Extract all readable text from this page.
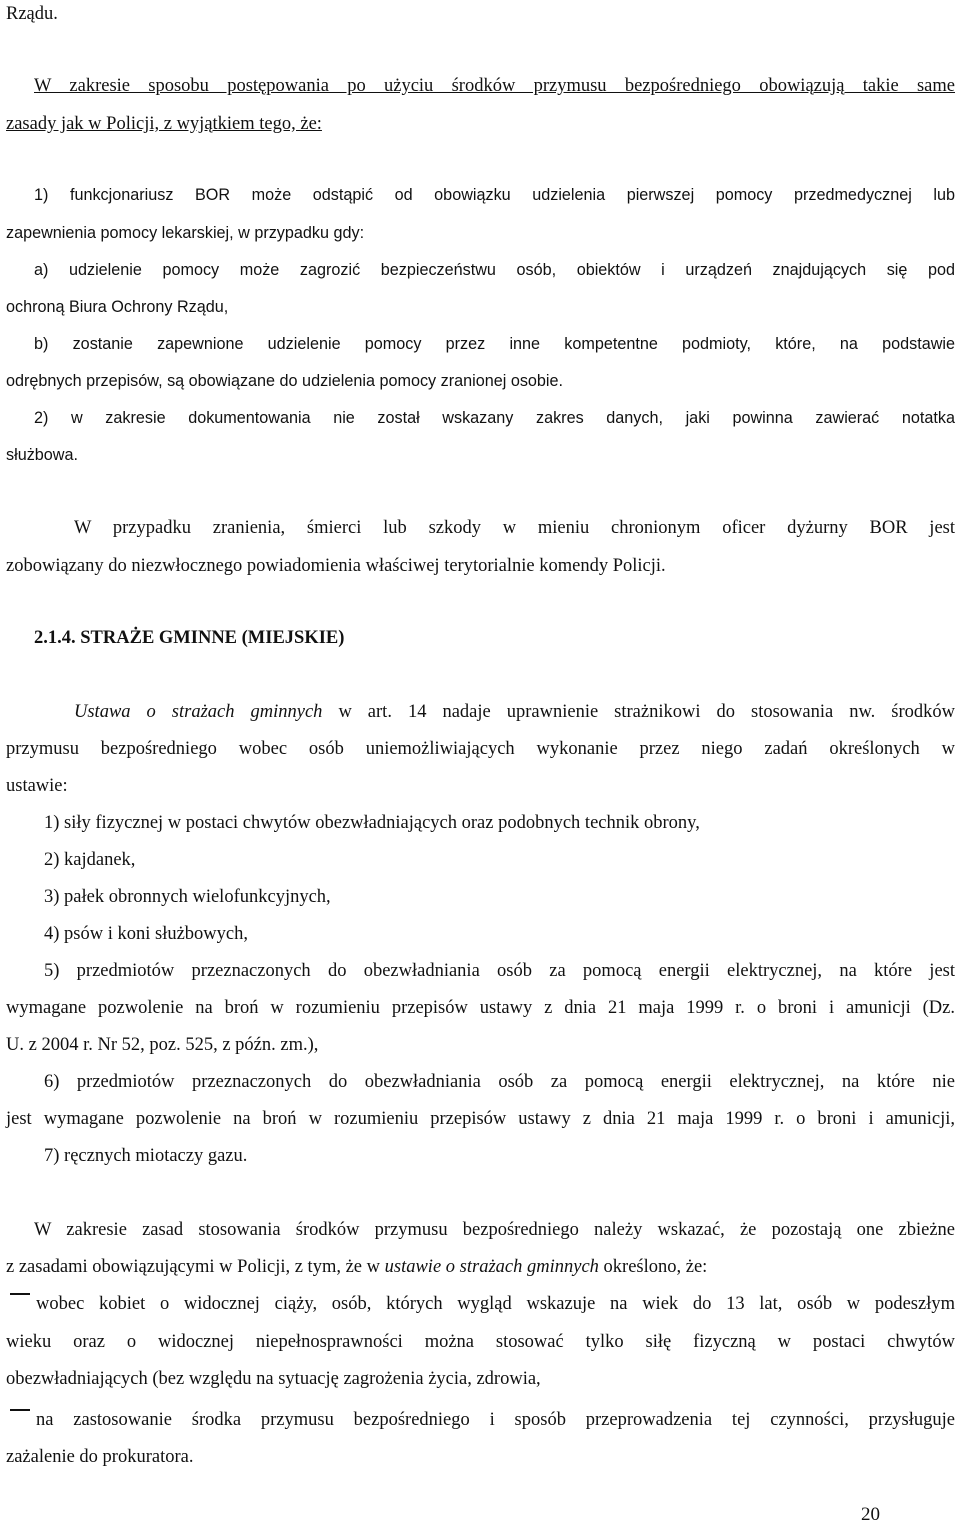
Rządu.
W zakresie sposobu postępowania po użyciu środków przymusu bezpośredniego obowiązują takie same
zasady jak w Policji, z wyjątkiem tego, że:
1) funkcjonariusz BOR może odstąpić od obowiązku udzielenia pierwszej pomocy przedmedycznej lub
zapewnienia pomocy lekarskiej, w przypadku gdy:
a) udzielenie pomocy może zagrozić bezpieczeństwu osób, obiektów i urządzeń znajdujących się pod
ochroną Biura Ochrony Rządu,
b) zostanie zapewnione udzielenie pomocy przez inne kompetentne podmioty, które, na podstawie
odrębnych przepisów, są obowiązane do udzielenia pomocy zranionej osobie.
2) w zakresie dokumentowania nie został wskazany zakres danych, jaki powinna zawierać notatka
służbowa.
W przypadku zranienia, śmierci lub szkody w mieniu chronionym oficer dyżurny BOR jest
zobowiązany do niezwłocznego powiadomienia właściwej terytorialnie komendy Policji.
2.1.4. STRAŻE GMINNE (MIEJSKIE)
Ustawa o strażach gminnych w art. 14 nadaje uprawnienie strażnikowi do stosowania nw. środków
przymusu bezpośredniego wobec osób uniemożliwiających wykonanie przez niego zadań określonych w
ustawie:
1) siły fizycznej w postaci chwytów obezwładniających oraz podobnych technik obrony,
2) kajdanek,
3) pałek obronnych wielofunkcyjnych,
4) psów i koni służbowych,
5) przedmiotów przeznaczonych do obezwładniania osób za pomocą energii elektrycznej, na które jest
wymagane pozwolenie na broń w rozumieniu przepisów ustawy z dnia 21 maja 1999 r. o broni i amunicji (Dz.
U. z 2004 r. Nr 52, poz. 525, z późn. zm.),
6) przedmiotów przeznaczonych do obezwładniania osób za pomocą energii elektrycznej, na które nie
jest wymagane pozwolenie na broń w rozumieniu przepisów ustawy z dnia 21 maja 1999 r. o broni i amunicji,
7) ręcznych miotaczy gazu.
W zakresie zasad stosowania środków przymusu bezpośredniego należy wskazać, że pozostają one zbieżne
z zasadami obowiązującymi w Policji, z tym, że w ustawie o strażach gminnych określono, że:
wobec kobiet o widocznej ciąży, osób, których wygląd wskazuje na wiek do 13 lat, osób w podeszłym
wieku oraz o widocznej niepełnosprawności można stosować tylko siłę fizyczną w postaci chwytów
obezwładniających (bez względu na sytuację zagrożenia życia, zdrowia,
na zastosowanie środka przymusu bezpośredniego i sposób przeprowadzenia tej czynności, przysługuje
zażalenie do prokuratora.
20
